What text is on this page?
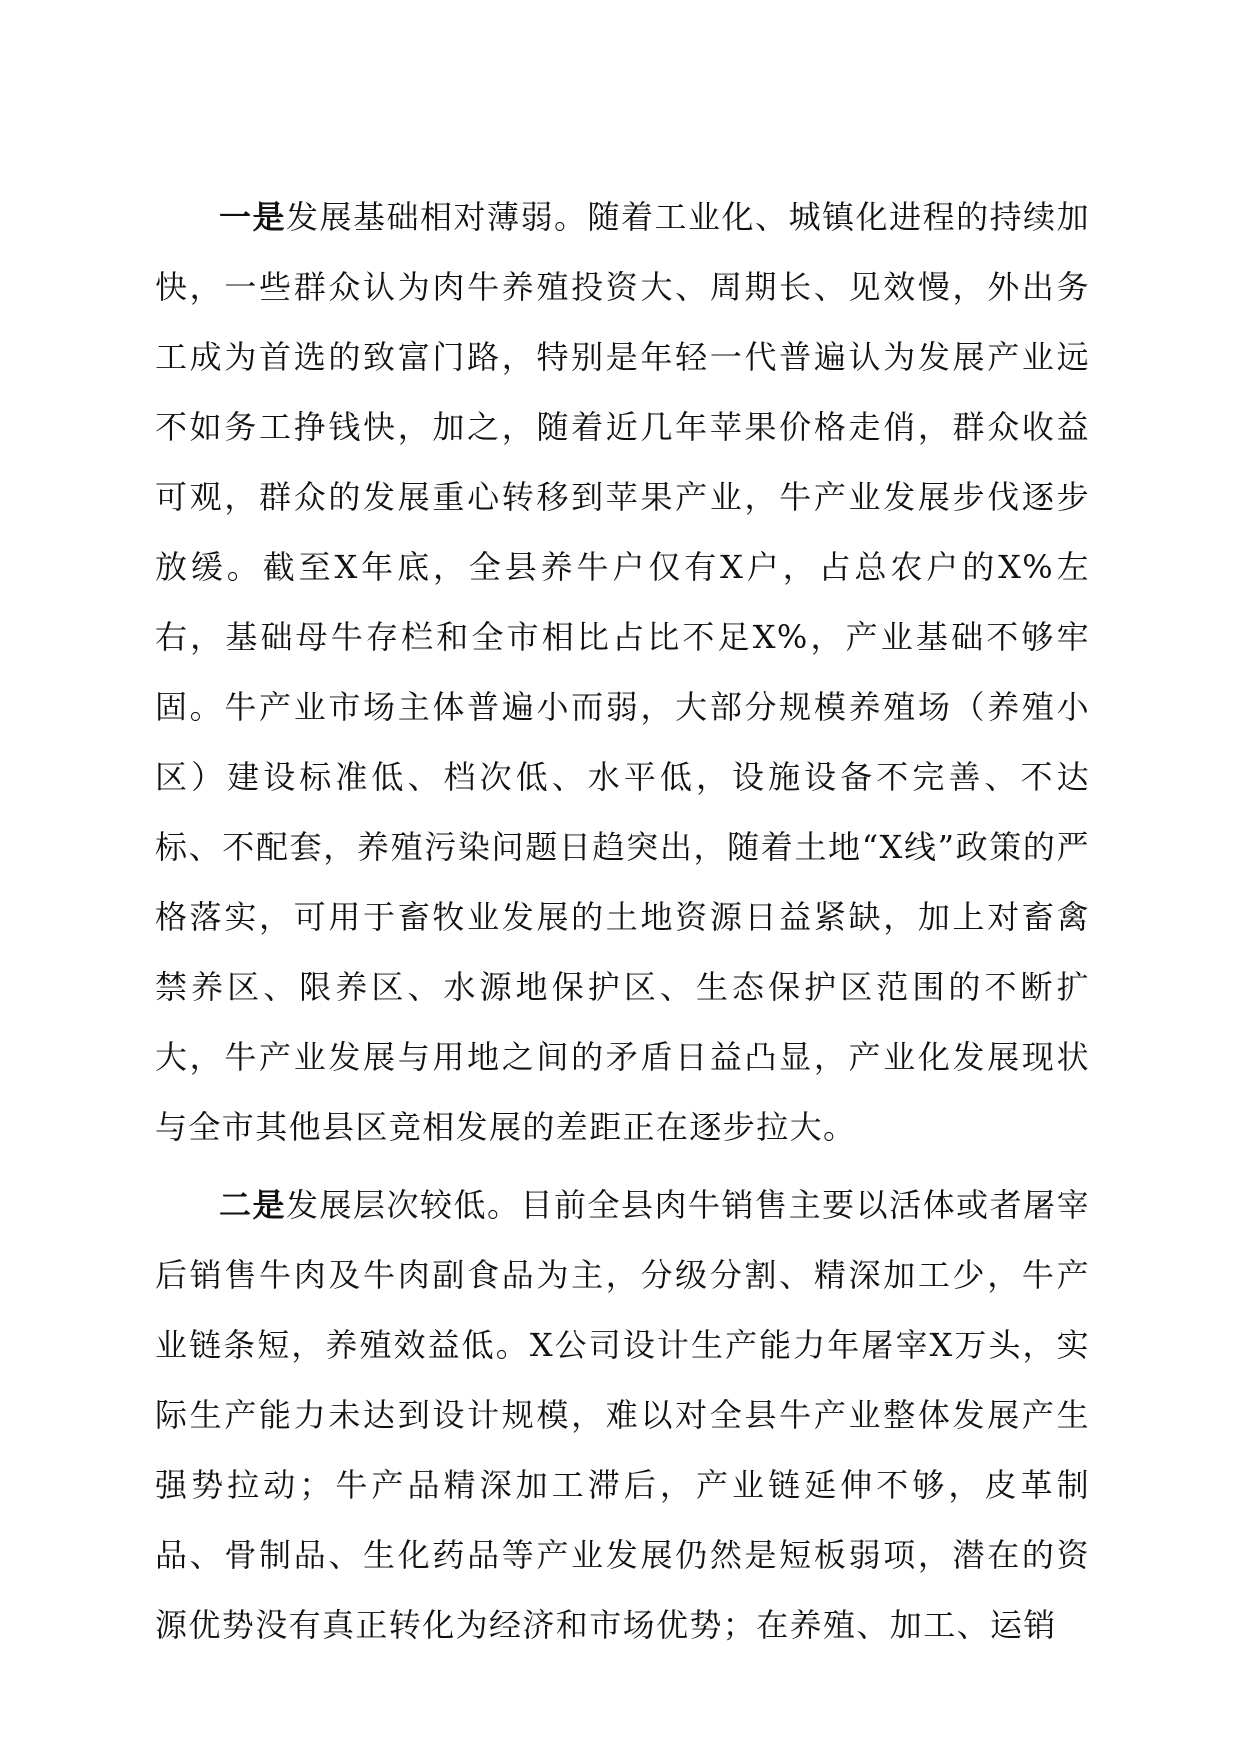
一是发展基础相对薄弱。随着工业化、城镇化进程的持续加快，一些群众认为肉牛养殖投资大、周期长、见效慢，外出务工成为首选的致富门路，特别是年轻一代普遍认为发展产业远不如务工挣钱快，加之，随着近几年苹果价格走俏，群众收益可观，群众的发展重心转移到苹果产业，牛产业发展步伐逐步放缓。截至X年底，全县养牛户仅有X户，占总农户的X%左右，基础母牛存栏和全市相比占比不足X%，产业基础不够牢固。牛产业市场主体普遍小而弱，大部分规模养殖场（养殖小区）建设标准低、档次低、水平低，设施设备不完善、不达标、不配套，养殖污染问题日趋突出，随着土地“X线”政策的严格落实，可用于畜牧业发展的土地资源日益紧缺，加上对畜禽禁养区、限养区、水源地保护区、生态保护区范围的不断扩大，牛产业发展与用地之间的矛盾日益凸显，产业化发展现状与全市其他县区竞相发展的差距正在逐步拉大。

二是发展层次较低。目前全县肉牛销售主要以活体或者屠宰后销售牛肉及牛肉副食品为主，分级分割、精深加工少，牛产业链条短，养殖效益低。X公司设计生产能力年屠宰X万头，实际生产能力未达到设计规模，难以对全县牛产业整体发展产生强势拉动；牛产品精深加工滞后，产业链延伸不够，皮革制品、骨制品、生化药品等产业发展仍然是短板弱项，潜在的资源优势没有真正转化为经济和市场优势；在养殖、加工、运销
